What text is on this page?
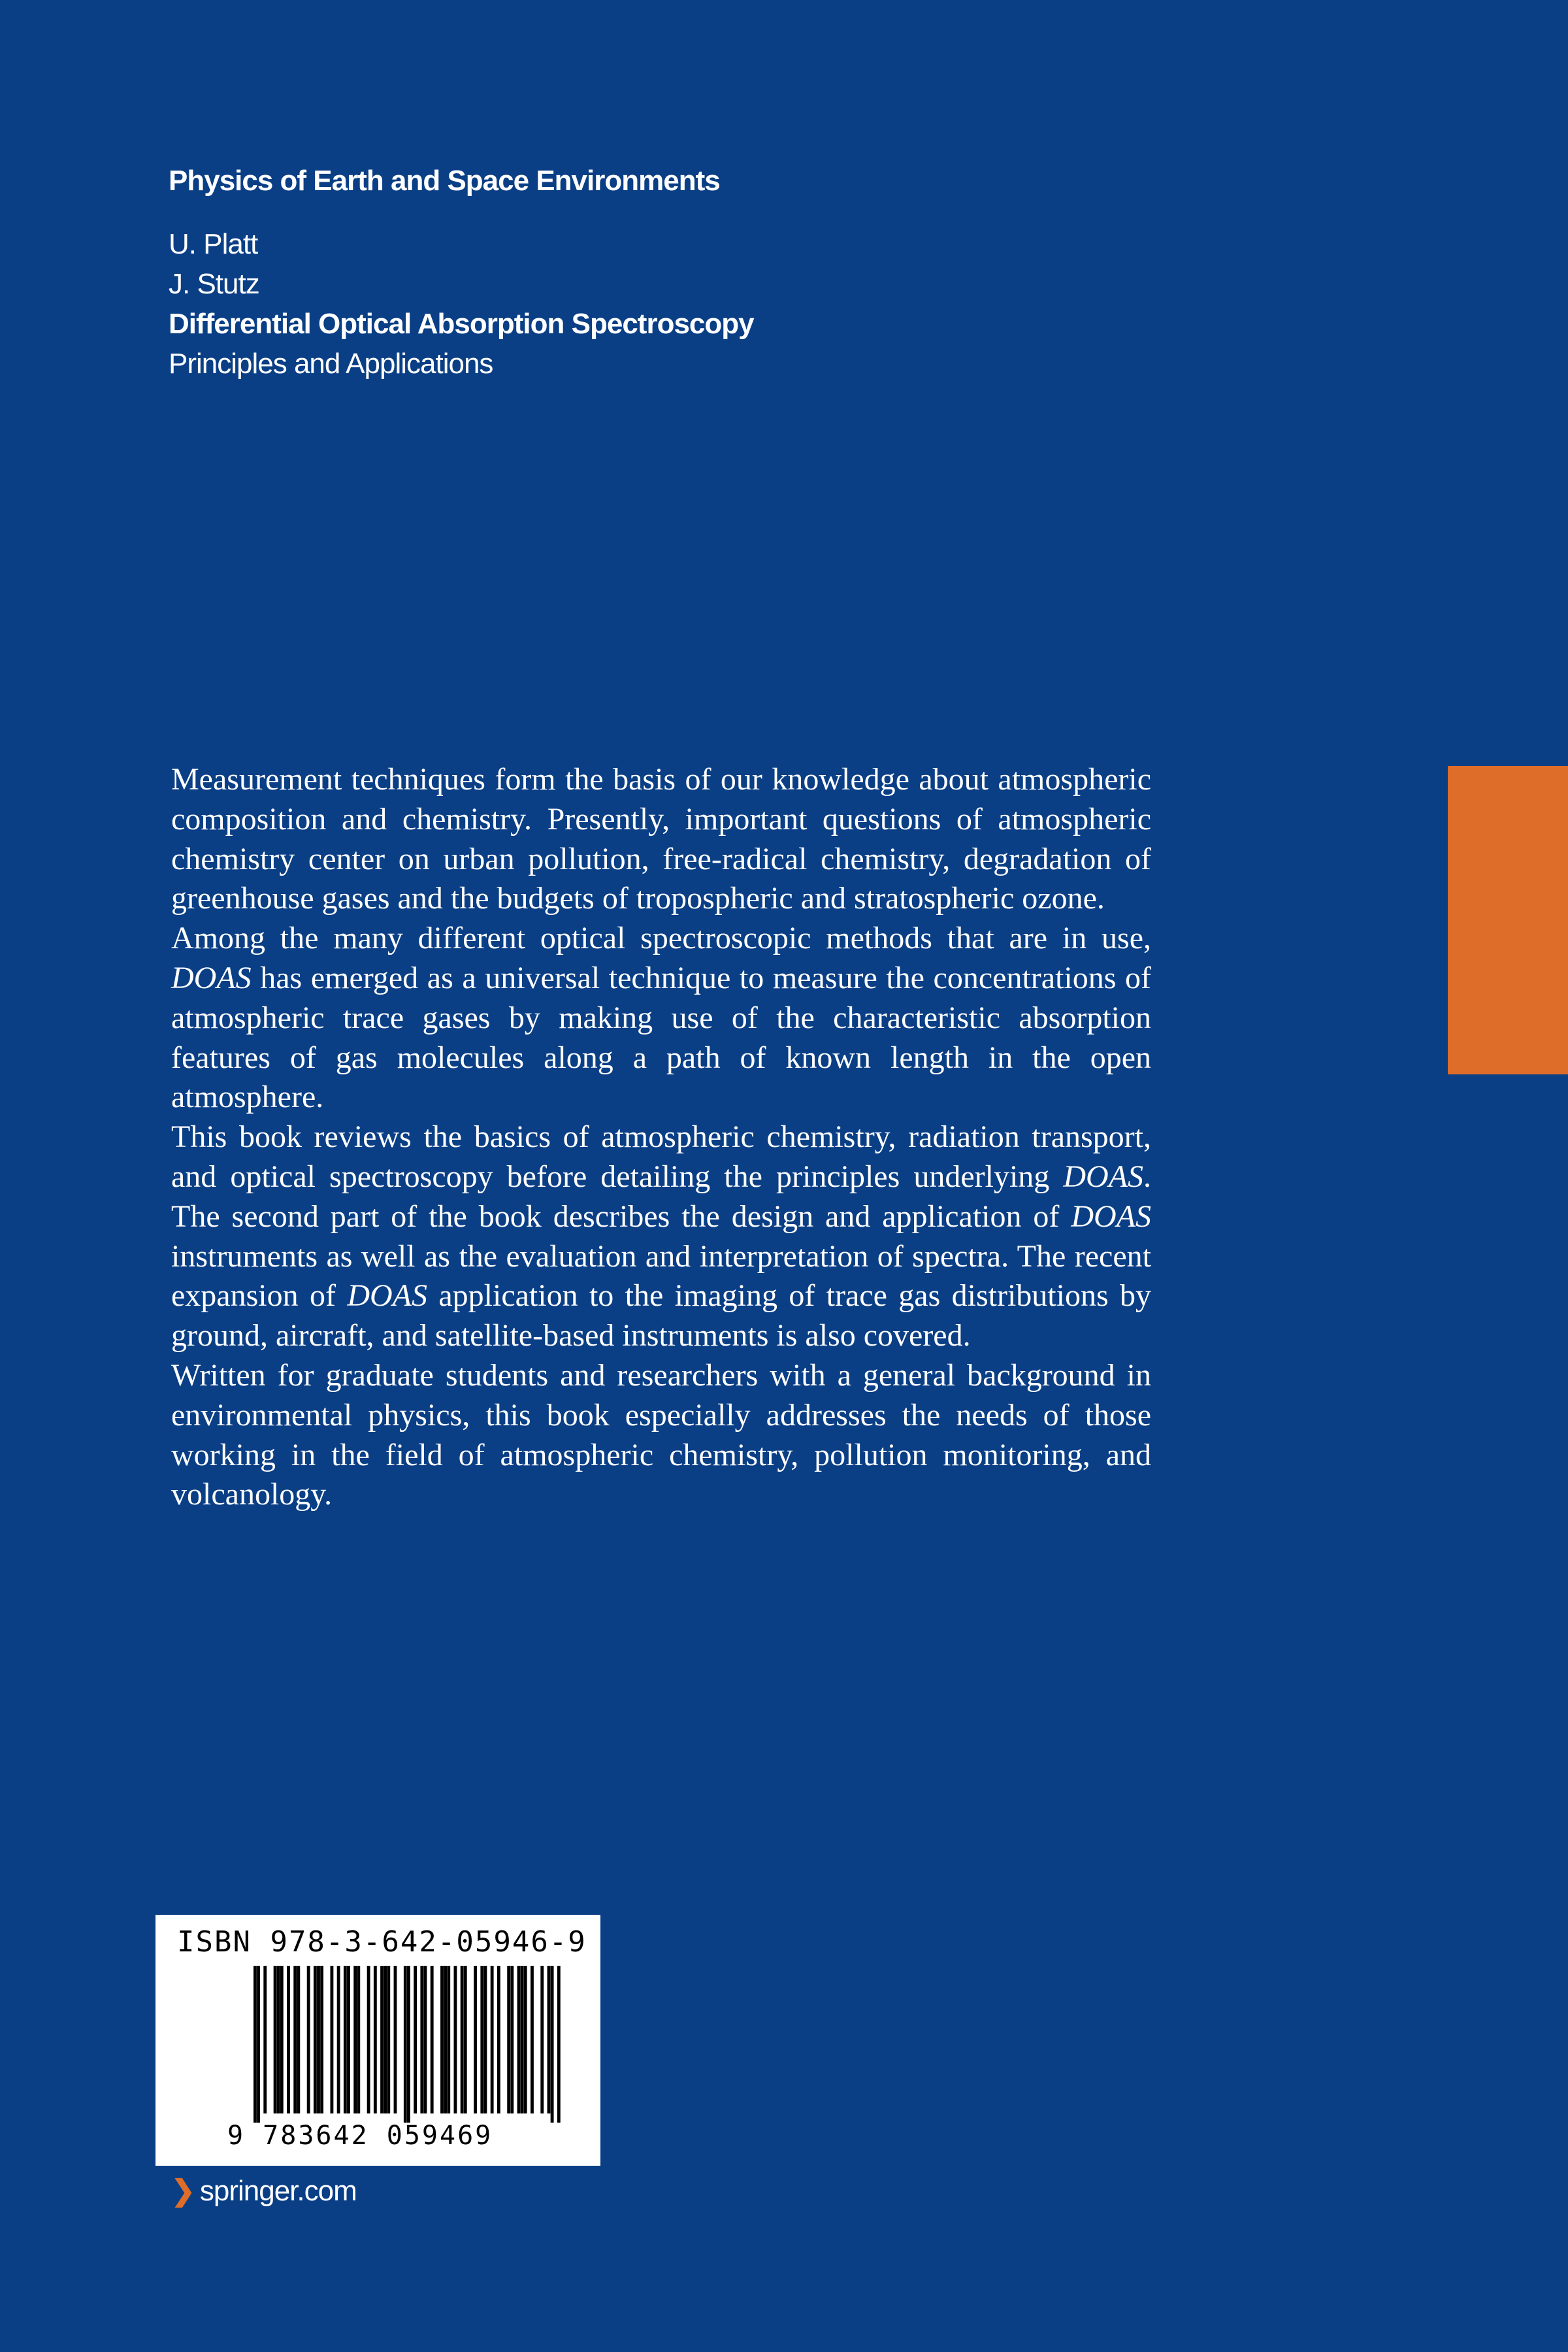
Physics of Earth and Space Environments
U. Platt
J. Stutz
Differential Optical Absorption Spectroscopy
Principles and Applications

Measurement techniques form the basis of our knowledge about atmospheric composition and chemistry. Presently, important questions of atmospheric chemistry center on urban pollution, free-radical chemistry, degradation of greenhouse gases and the budgets of tropospheric and stratospheric ozone.

Among the many different optical spectroscopic methods that are in use, DOAS has emerged as a universal technique to measure the concentrations of atmospheric trace gases by making use of the characteristic absorption features of gas molecules along a path of known length in the open atmosphere.

This book reviews the basics of atmospheric chemistry, radiation transport, and optical spectroscopy before detailing the principles underlying DOAS. The second part of the book describes the design and application of DOAS instruments as well as the evaluation and interpretation of spectra. The recent expansion of DOAS application to the imaging of trace gas distributions by ground, aircraft, and satellite-based instruments is also covered.

Written for graduate students and researchers with a general background in environmental physics, this book especially addresses the needs of those working in the field of atmospheric chemistry, pollution monitoring, and volcanology.

ISBN 978-3-642-05946-9
9 783642 059469
❯ springer.com
